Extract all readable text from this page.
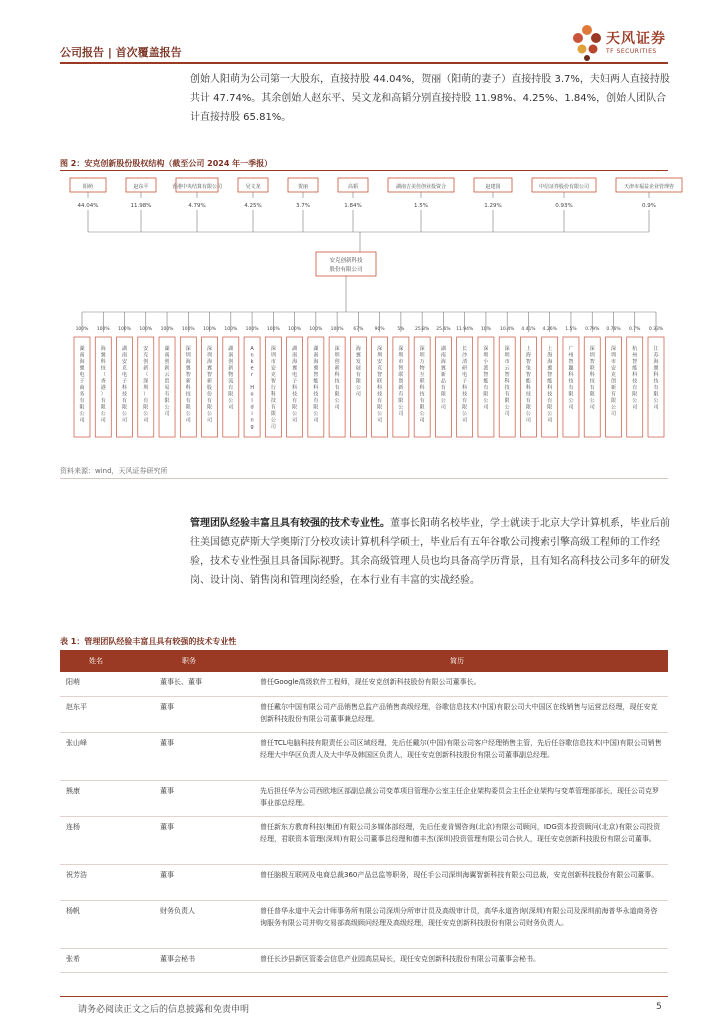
公司报告 | 首次覆盖报告
天风证券
TF SECURITIES
创始人阳萌为公司第一大股东，直接持股 44.04%，贺丽（阳萌的妻子）直接持股 3.7%，夫妇两人直接持股共计 47.74%。其余创始人赵东平、吴文龙和高韬分别直接持股 11.98%、4.25%、1.84%，创始人团队合计直接持股 65.81%。
图 2：安克创新股份股权结构（截至公司 2024 年一季报）
阳萌
44.04%
赵东平
11.98%
香港中央结算有限公司
4.79%
吴文龙
4.25%
贺丽
3.7%
高韬
1.84%
湖南吉美佳创业投资合
1.5%
赵建国
1.29%
中信证券股份有限公司
0.93%
天津市福益企业管理咨
0.9%
安克创新科技
股份有限公司
100%
湖
南
海
翼
电
子
商
务
有
限
公
司
100%
海
翼
科
技
（
香
港
）
有
限
公
司
100%
湖
南
安
克
电
子
科
技
有
限
公
司
100%
安
克
创
新
（
深
圳
）
有
限
公
司
100%
湖
南
创
新
云
贸
易
有
限
公
司
100%
深
圳
海
翼
智
新
科
技
有
限
公
司
100%
深
圳
海
翼
智
新
股
份
有
限
公
司
100%
湖
南
创
新
物
流
有
限
公
司
100%
A
n
k
e
r
H
o
l
d
i
n
g
100%
深
圳
市
安
克
智
行
科
技
有
限
公
司
100%
湖
南
海
翼
电
子
科
技
有
限
公
司
100%
湖
南
海
翼
智
能
科
技
有
限
公
司
100%
深
圳
创
新
科
技
有
限
公
司
67%
海
翼
发
展
有
限
公
司
90%
深
圳
安
克
智
联
科
技
有
限
公
司
5%
深
圳
市
智
联
创
新
有
限
公
司
25.8%
深
圳
万
物
互
联
科
技
有
限
公
司
25.6%
湖
南
海
翼
新
品
有
限
公
司
11.94%
长
沙
清
研
电
子
科
技
有
限
公
司
10%
深
圳
小
派
智
能
有
限
公
司
10.4%
深
圳
市
云
智
科
技
有
限
公
司
4.41%
上
海
智
兔
智
能
科
技
有
限
公
司
4.26%
上
海
海
翼
智
能
科
技
有
限
公
司
1.5%
广
州
智
趣
科
技
有
限
公
司
0.79%
深
圳
智
联
科
技
有
限
公
司
0.76%
深
圳
市
安
克
创
新
有
限
公
司
0.7%
杭
州
智
能
科
技
有
限
公
司
0.33%
江
苏
海
翼
科
技
有
限
公
司
资料来源：wind，天风证券研究所
管理团队经验丰富且具有较强的技术专业性。董事长阳萌名校毕业，学士就读于北京大学计算机系，毕业后前往美国德克萨斯大学奥斯汀分校攻读计算机科学硕士，毕业后有五年谷歌公司搜索引擎高级工程师的工作经验，技术专业性强且具备国际视野。其余高级管理人员也均具备高学历背景，且有知名高科技公司多年的研发岗、设计岗、销售岗和管理岗经验，在本行业有丰富的实战经验。
表 1：管理团队经验丰富且具有较强的技术专业性
姓名	职务	简历
阳萌	董事长、董事	曾任Google高级软件工程师，现任安克创新科技股份有限公司董事长。
赵东平	董事	曾任戴尔中国有限公司产品销售总监产品销售高级经理，谷歌信息技术(中国)有限公司大中国区在线销售与运营总经理，现任安克创新科技股份有限公司董事兼总经理。
张山峰	董事	曾任TCL电脑科技有限责任公司区域经理，先后任戴尔(中国)有限公司客户经理销售主管，先后任谷歌信息技术(中国)有限公司销售经理大中华区负责人及大中华及韩国区负责人，现任安克创新科技股份有限公司董事副总经理。
熊康	董事	先后担任华为公司西欧地区部副总裁公司变革项目管理办公室主任企业架构委员会主任企业架构与变革管理部部长，现任公司克罗事业部总经理。
连杨	董事	曾任新东方教育科技(集团)有限公司多媒体部经理，先后任麦肯锡咨询(北京)有限公司顾问，IDG资本投资顾问(北京)有限公司投资经理，君联资本管理(深圳)有限公司董事总经理和德丰杰(深圳)投资管理有限公司合伙人，现任安克创新科技股份有限公司董事。
祝芳浩	董事	曾任脑极互联网及电商总裁360产品总监等职务，现任手公司深圳海翼智新科技有限公司总裁，安克创新科技股份有限公司董事。
杨帆	财务负责人	曾任普华永道中天会计师事务所有限公司深圳分所审计员及高级审计员，高华永道咨询(深圳)有限公司及深圳前海普华永道商务咨询服务有限公司并购交易部高级顾问经理及高级经理，现任安克创新科技股份有限公司财务负责人。
张希	董事会秘书	曾任长沙县新区管委会信息产业园高层局长，现任安克创新科技股份有限公司董事会秘书。
请务必阅读正文之后的信息披露和免责申明	5
